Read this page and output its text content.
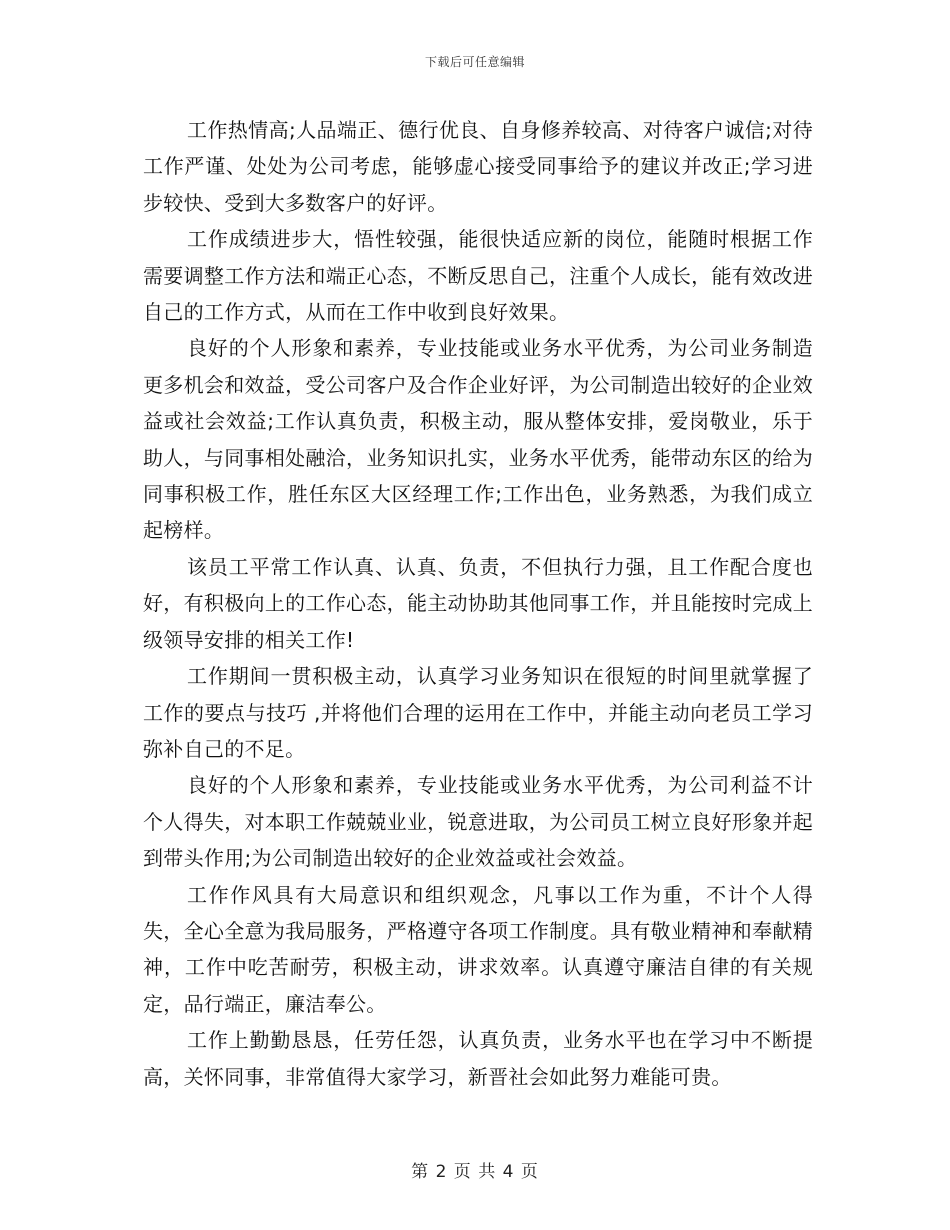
下载后可任意编辑

工作热情高;人品端正、德行优良、自身修养较高、对待客户诚信;对待工作严谨、处处为公司考虑，能够虚心接受同事给予的建议并改正;学习进步较快、受到大多数客户的好评。

工作成绩进步大，悟性较强，能很快适应新的岗位，能随时根据工作需要调整工作方法和端正心态，不断反思自己，注重个人成长，能有效改进自己的工作方式，从而在工作中收到良好效果。

良好的个人形象和素养，专业技能或业务水平优秀，为公司业务制造更多机会和效益，受公司客户及合作企业好评，为公司制造出较好的企业效益或社会效益;工作认真负责，积极主动，服从整体安排，爱岗敬业，乐于助人，与同事相处融洽，业务知识扎实，业务水平优秀，能带动东区的给为同事积极工作，胜任东区大区经理工作;工作出色，业务熟悉，为我们成立起榜样。

该员工平常工作认真、认真、负责，不但执行力强，且工作配合度也好，有积极向上的工作心态，能主动协助其他同事工作，并且能按时完成上级领导安排的相关工作!

工作期间一贯积极主动，认真学习业务知识在很短的时间里就掌握了工作的要点与技巧 ,并将他们合理的运用在工作中，并能主动向老员工学习弥补自己的不足。

良好的个人形象和素养，专业技能或业务水平优秀，为公司利益不计个人得失，对本职工作兢兢业业，锐意进取，为公司员工树立良好形象并起到带头作用;为公司制造出较好的企业效益或社会效益。

工作作风具有大局意识和组织观念，凡事以工作为重，不计个人得失，全心全意为我局服务，严格遵守各项工作制度。具有敬业精神和奉献精神，工作中吃苦耐劳，积极主动，讲求效率。认真遵守廉洁自律的有关规定，品行端正，廉洁奉公。

工作上勤勤恳恳，任劳任怨，认真负责，业务水平也在学习中不断提高，关怀同事，非常值得大家学习，新晋社会如此努力难能可贵。

第 2 页 共 4 页
